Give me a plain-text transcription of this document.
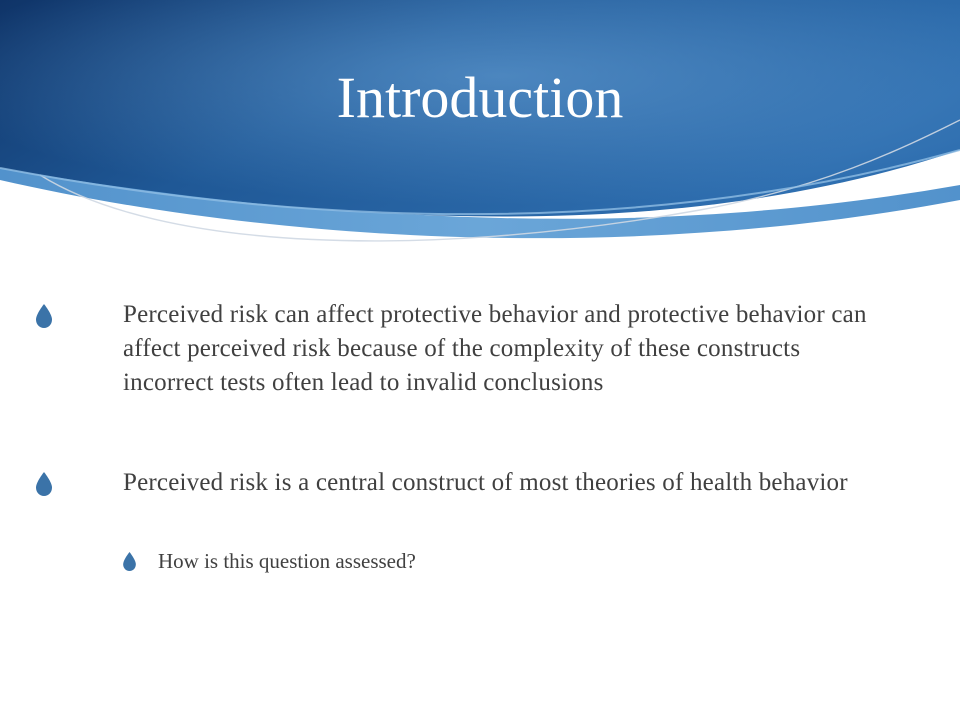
Introduction
Perceived risk can affect protective behavior and protective behavior can affect perceived risk because of the complexity of these constructs incorrect tests often lead to invalid conclusions
Perceived risk is a central construct of most theories of health behavior
How is this question assessed?
